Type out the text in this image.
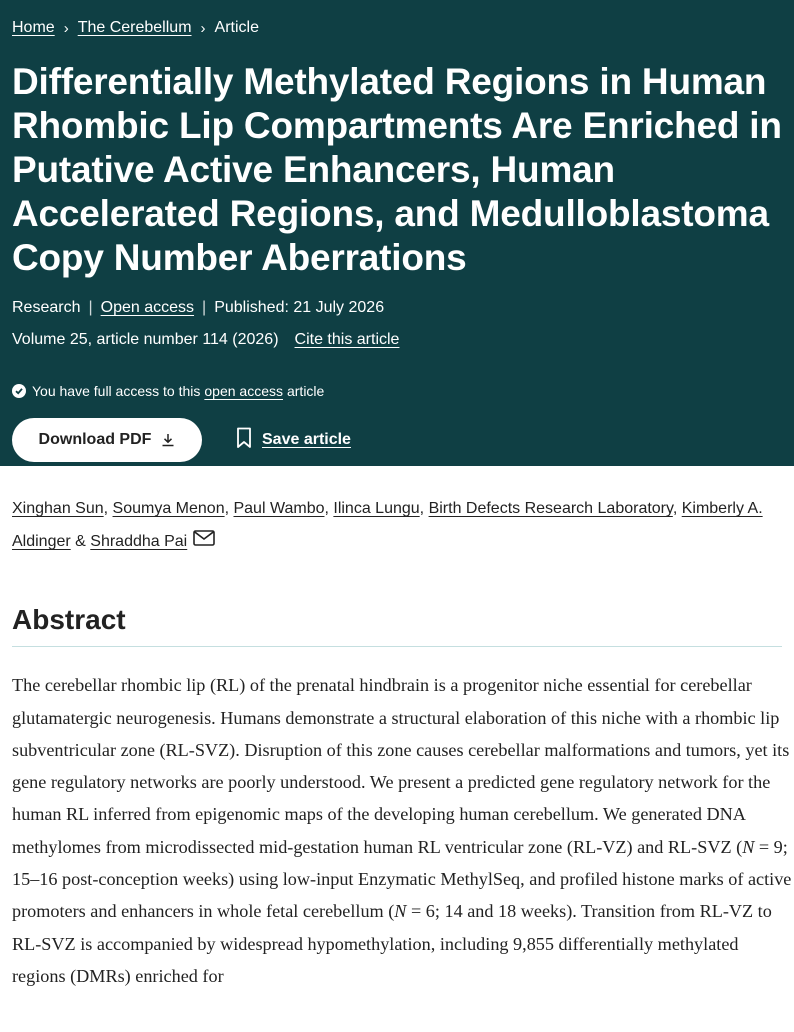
Home › The Cerebellum › Article
Differentially Methylated Regions in Human Rhombic Lip Compartments Are Enriched in Putative Active Enhancers, Human Accelerated Regions, and Medulloblastoma Copy Number Aberrations
Research | Open access | Published: 21 July 2026
Volume 25, article number 114 (2026) Cite this article
You have full access to this open access article
Download PDF	Save article
Xinghan Sun, Soumya Menon, Paul Wambo, Ilinca Lungu, Birth Defects Research Laboratory, Kimberly A. Aldinger & Shraddha Pai
Abstract

The cerebellar rhombic lip (RL) of the prenatal hindbrain is a progenitor niche essential for cerebellar glutamatergic neurogenesis. Humans demonstrate a structural elaboration of this niche with a rhombic lip subventricular zone (RL-SVZ). Disruption of this zone causes cerebellar malformations and tumors, yet its gene regulatory networks are poorly understood. We present a predicted gene regulatory network for the human RL inferred from epigenomic maps of the developing human cerebellum. We generated DNA methylomes from microdissected mid-gestation human RL ventricular zone (RL-VZ) and RL-SVZ (N = 9; 15–16 post-conception weeks) using low-input Enzymatic MethylSeq, and profiled histone marks of active promoters and enhancers in whole fetal cerebellum (N = 6; 14 and 18 weeks). Transition from RL-VZ to RL-SVZ is accompanied by widespread hypomethylation, including 9,855 differentially methylated regions (DMRs) enriched for
